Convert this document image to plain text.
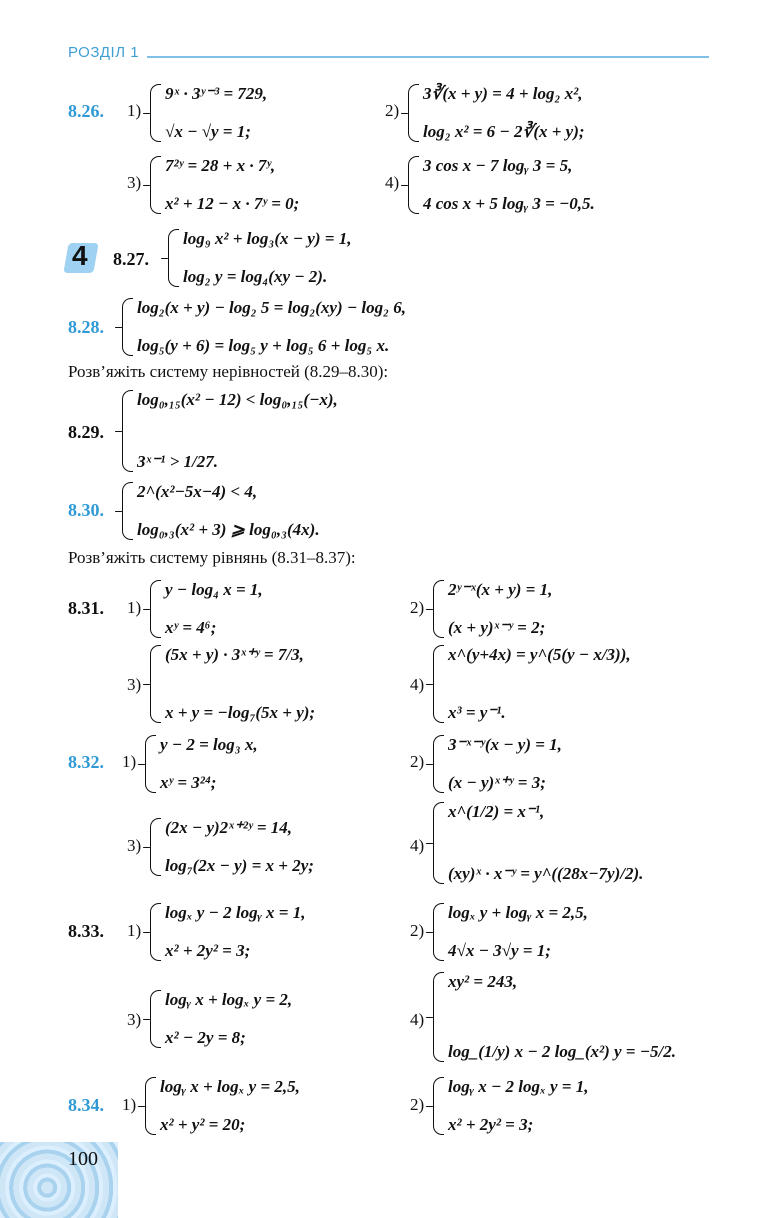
РОЗДІЛ 1
8.26. 1)
9ˣ · 3ʸ⁻³ = 729,
√x − √y = 1;
2)
3∛(x + y) = 4 + log₂ x²,
log₂ x² = 6 − 2∛(x + y);
3)
7²ʸ = 28 + x · 7ʸ,
x² + 12 − x · 7ʸ = 0;
4)
3 cos x − 7 logᵧ 3 = 5,
4 cos x + 5 logᵧ 3 = −0,5.
4 8.27.
log₉ x² + log₃(x − y) = 1,
log₂ y = log₄(xy − 2).
8.28.
log₂(x + y) − log₂ 5 = log₂(xy) − log₂ 6,
log₅(y + 6) = log₅ y + log₅ 6 + log₅ x.
Розв’яжіть систему нерівностей (8.29–8.30):
8.29.
log₀,₁₅(x² − 12) < log₀,₁₅(−x),
3ˣ⁻¹ > 1/27.
8.30.
2^(x²−5x−4) < 4,
log₀,₃(x² + 3) ⩾ log₀,₃(4x).
Розв’яжіть систему рівнянь (8.31–8.37):
8.31. 1)
y − log₄ x = 1,
xʸ = 4⁶;
2)
2ʸ⁻ˣ(x + y) = 1,
(x + y)ˣ⁻ʸ = 2;
3)
(5x + y) · 3ˣ⁺ʸ = 7/3,
x + y = −log₇(5x + y);
4)
x^(y+4x) = y^(5(y − x/3)),
x³ = y⁻¹.
8.32. 1)
y − 2 = log₃ x,
xʸ = 3²⁴;
2)
3⁻ˣ⁻ʸ(x − y) = 1,
(x − y)ˣ⁺ʸ = 3;
3)
(2x − y)2ˣ⁺²ʸ = 14,
log₇(2x − y) = x + 2y;
4)
x^(1/2) = x⁻¹,
(xy)ˣ · x⁻ʸ = y^((28x−7y)/2).
8.33. 1)
logₓ y − 2 logᵧ x = 1,
x² + 2y² = 3;
2)
logₓ y + logᵧ x = 2,5,
4√x − 3√y = 1;
3)
logᵧ x + logₓ y = 2,
x² − 2y = 8;
4)
xy² = 243,
log_(1/y) x − 2 log_(x²) y = −5/2.
8.34. 1)
logᵧ x + logₓ y = 2,5,
x² + y² = 20;
2)
logᵧ x − 2 logₓ y = 1,
x² + 2y² = 3;
100
